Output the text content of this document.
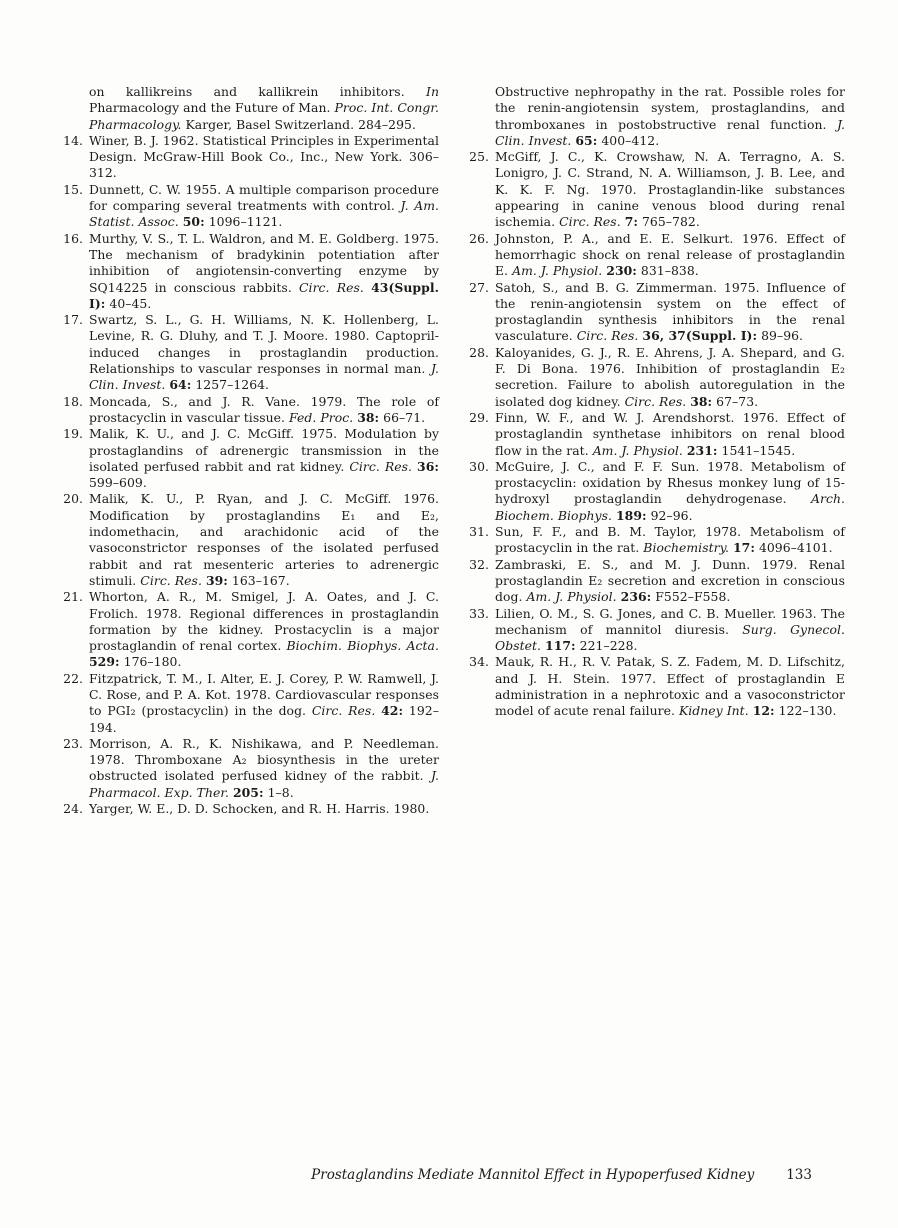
on kallikreins and kallikrein inhibitors. In Pharmacology and the Future of Man. Proc. Int. Congr. Pharmacology. Karger, Basel Switzerland. 284–295.
14. Winer, B. J. 1962. Statistical Principles in Experimental Design. McGraw-Hill Book Co., Inc., New York. 306–312.
15. Dunnett, C. W. 1955. A multiple comparison procedure for comparing several treatments with control. J. Am. Statist. Assoc. 50: 1096–1121.
16. Murthy, V. S., T. L. Waldron, and M. E. Goldberg. 1975. The mechanism of bradykinin potentiation after inhibition of angiotensin-converting enzyme by SQ14225 in conscious rabbits. Circ. Res. 43(Suppl. I): 40–45.
17. Swartz, S. L., G. H. Williams, N. K. Hollenberg, L. Levine, R. G. Dluhy, and T. J. Moore. 1980. Captopril-induced changes in prostaglandin production. Relationships to vascular responses in normal man. J. Clin. Invest. 64: 1257–1264.
18. Moncada, S., and J. R. Vane. 1979. The role of prostacyclin in vascular tissue. Fed. Proc. 38: 66–71.
19. Malik, K. U., and J. C. McGiff. 1975. Modulation by prostaglandins of adrenergic transmission in the isolated perfused rabbit and rat kidney. Circ. Res. 36: 599–609.
20. Malik, K. U., P. Ryan, and J. C. McGiff. 1976. Modification by prostaglandins E₁ and E₂, indomethacin, and arachidonic acid of the vasoconstrictor responses of the isolated perfused rabbit and rat mesenteric arteries to adrenergic stimuli. Circ. Res. 39: 163–167.
21. Whorton, A. R., M. Smigel, J. A. Oates, and J. C. Frolich. 1978. Regional differences in prostaglandin formation by the kidney. Prostacyclin is a major prostaglandin of renal cortex. Biochim. Biophys. Acta. 529: 176–180.
22. Fitzpatrick, T. M., I. Alter, E. J. Corey, P. W. Ramwell, J. C. Rose, and P. A. Kot. 1978. Cardiovascular responses to PGI₂ (prostacyclin) in the dog. Circ. Res. 42: 192–194.
23. Morrison, A. R., K. Nishikawa, and P. Needleman. 1978. Thromboxane A₂ biosynthesis in the ureter obstructed isolated perfused kidney of the rabbit. J. Pharmacol. Exp. Ther. 205: 1–8.
24. Yarger, W. E., D. D. Schocken, and R. H. Harris. 1980.
Obstructive nephropathy in the rat. Possible roles for the renin-angiotensin system, prostaglandins, and thromboxanes in postobstructive renal function. J. Clin. Invest. 65: 400–412.
25. McGiff, J. C., K. Crowshaw, N. A. Terragno, A. S. Lonigro, J. C. Strand, N. A. Williamson, J. B. Lee, and K. K. F. Ng. 1970. Prostaglandin-like substances appearing in canine venous blood during renal ischemia. Circ. Res. 7: 765–782.
26. Johnston, P. A., and E. E. Selkurt. 1976. Effect of hemorrhagic shock on renal release of prostaglandin E. Am. J. Physiol. 230: 831–838.
27. Satoh, S., and B. G. Zimmerman. 1975. Influence of the renin-angiotensin system on the effect of prostaglandin synthesis inhibitors in the renal vasculature. Circ. Res. 36, 37(Suppl. I): 89–96.
28. Kaloyanides, G. J., R. E. Ahrens, J. A. Shepard, and G. F. Di Bona. 1976. Inhibition of prostaglandin E₂ secretion. Failure to abolish autoregulation in the isolated dog kidney. Circ. Res. 38: 67–73.
29. Finn, W. F., and W. J. Arendshorst. 1976. Effect of prostaglandin synthetase inhibitors on renal blood flow in the rat. Am. J. Physiol. 231: 1541–1545.
30. McGuire, J. C., and F. F. Sun. 1978. Metabolism of prostacyclin: oxidation by Rhesus monkey lung of 15-hydroxyl prostaglandin dehydrogenase. Arch. Biochem. Biophys. 189: 92–96.
31. Sun, F. F., and B. M. Taylor, 1978. Metabolism of prostacyclin in the rat. Biochemistry. 17: 4096–4101.
32. Zambraski, E. S., and M. J. Dunn. 1979. Renal prostaglandin E₂ secretion and excretion in conscious dog. Am. J. Physiol. 236: F552–F558.
33. Lilien, O. M., S. G. Jones, and C. B. Mueller. 1963. The mechanism of mannitol diuresis. Surg. Gynecol. Obstet. 117: 221–228.
34. Mauk, R. H., R. V. Patak, S. Z. Fadem, M. D. Lifschitz, and J. H. Stein. 1977. Effect of prostaglandin E administration in a nephrotoxic and a vasoconstrictor model of acute renal failure. Kidney Int. 12: 122–130.
Prostaglandins Mediate Mannitol Effect in Hypoperfused Kidney 133
